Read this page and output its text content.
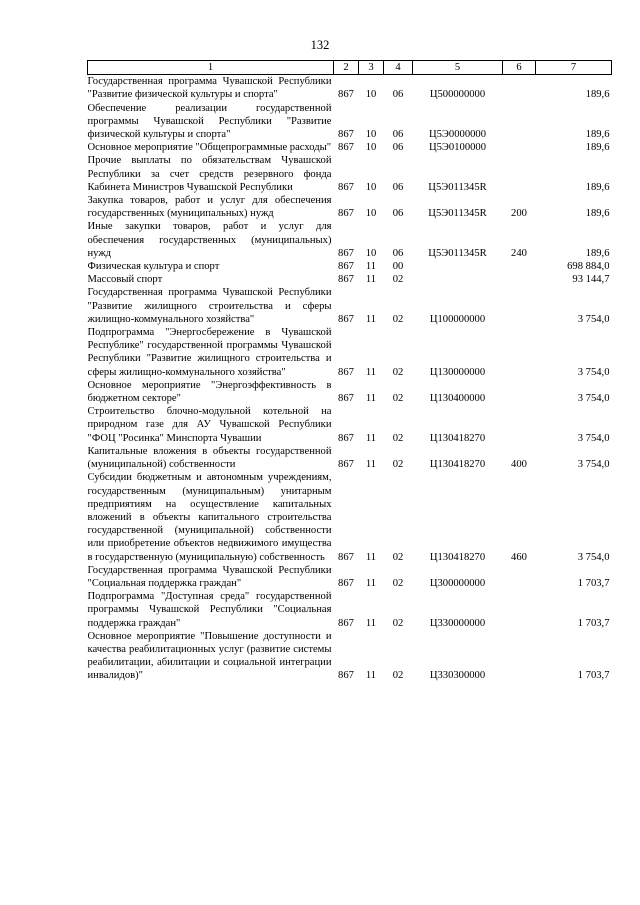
132
1	2	3	4	5	6	7
Государственная программа Чувашской Республики "Развитие физической культуры и спорта"	867	10	06	Ц500000000		189,6
Обеспечение реализации государственной программы Чувашской Республики "Развитие физической культуры и спорта"	867	10	06	Ц5Э0000000		189,6
Основное мероприятие "Общепрограммные расходы"	867	10	06	Ц5Э0100000		189,6
Прочие выплаты по обязательствам Чувашской Республики за счет средств резервного фонда Кабинета Министров Чувашской Республики	867	10	06	Ц5Э011345R		189,6
Закупка товаров, работ и услуг для обеспечения государственных (муниципальных) нужд	867	10	06	Ц5Э011345R	200	189,6
Иные закупки товаров, работ и услуг для обеспечения государственных (муниципальных) нужд	867	10	06	Ц5Э011345R	240	189,6
Физическая культура и спорт	867	11	00			698 884,0
Массовый спорт	867	11	02			93 144,7
Государственная программа Чувашской Республики "Развитие жилищного строительства и сферы жилищно-коммунального хозяйства"	867	11	02	Ц100000000		3 754,0
Подпрограмма "Энергосбережение в Чувашской Республике" государственной программы Чувашской Республики "Развитие жилищного строительства и сферы жилищно-коммунального хозяйства"	867	11	02	Ц130000000		3 754,0
Основное мероприятие "Энергоэффективность в бюджетном секторе"	867	11	02	Ц130400000		3 754,0
Строительство блочно-модульной котельной на природном газе для АУ Чувашской Республики "ФОЦ "Росинка" Минспорта Чувашии	867	11	02	Ц130418270		3 754,0
Капитальные вложения в объекты государственной (муниципальной) собственности	867	11	02	Ц130418270	400	3 754,0
Субсидии бюджетным и автономным учреждениям, государственным (муниципальным) унитарным предприятиям на осуществление капитальных вложений в объекты капитального строительства государственной (муниципальной) собственности или приобретение объектов недвижимого имущества в государственную (муниципальную) собственность	867	11	02	Ц130418270	460	3 754,0
Государственная программа Чувашской Республики "Социальная поддержка граждан"	867	11	02	Ц300000000		1 703,7
Подпрограмма "Доступная среда" государственной программы Чувашской Республики "Социальная поддержка граждан"	867	11	02	Ц330000000		1 703,7
Основное мероприятие "Повышение доступности и качества реабилитационных услуг (развитие системы реабилитации, абилитации и социальной интеграции инвалидов)"	867	11	02	Ц330300000		1 703,7
